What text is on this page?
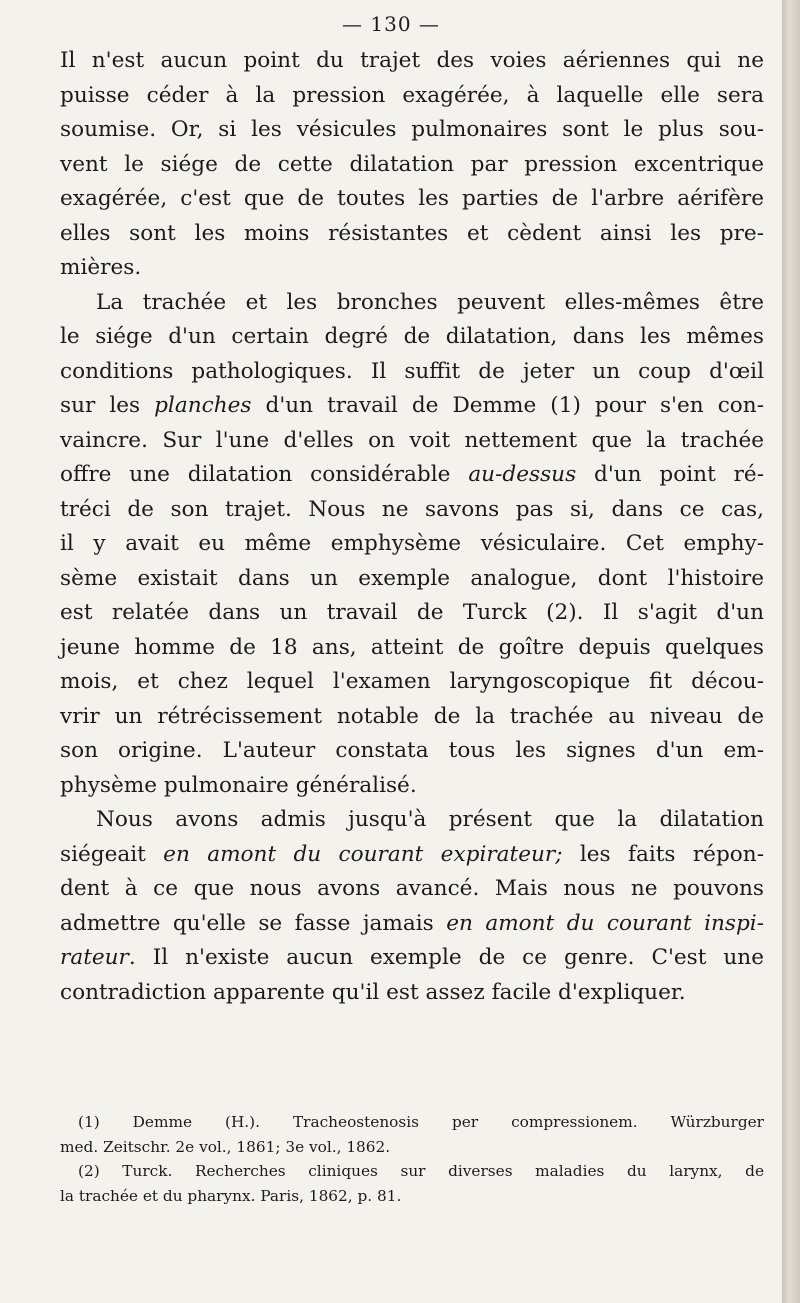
— 130 —
Il n'est aucun point du trajet des voies aériennes qui ne
puisse céder à la pression exagérée, à laquelle elle sera
soumise. Or, si les vésicules pulmonaires sont le plus sou-
vent le siége de cette dilatation par pression excentrique
exagérée, c'est que de toutes les parties de l'arbre aérifère
elles sont les moins résistantes et cèdent ainsi les pre-
mières.
La trachée et les bronches peuvent elles-mêmes être
le siége d'un certain degré de dilatation, dans les mêmes
conditions pathologiques. Il suffit de jeter un coup d'œil
sur les planches d'un travail de Demme (1) pour s'en con-
vaincre. Sur l'une d'elles on voit nettement que la trachée
offre une dilatation considérable au-dessus d'un point ré-
tréci de son trajet. Nous ne savons pas si, dans ce cas,
il y avait eu même emphysème vésiculaire. Cet emphy-
sème existait dans un exemple analogue, dont l'histoire
est relatée dans un travail de Turck (2). Il s'agit d'un
jeune homme de 18 ans, atteint de goître depuis quelques
mois, et chez lequel l'examen laryngoscopique fit décou-
vrir un rétrécissement notable de la trachée au niveau de
son origine. L'auteur constata tous les signes d'un em-
physème pulmonaire généralisé.
Nous avons admis jusqu'à présent que la dilatation
siégeait en amont du courant expirateur; les faits répon-
dent à ce que nous avons avancé. Mais nous ne pouvons
admettre qu'elle se fasse jamais en amont du courant inspi-
rateur. Il n'existe aucun exemple de ce genre. C'est une
contradiction apparente qu'il est assez facile d'expliquer.
(1) Demme (H.). Tracheostenosis per compressionem. Würzburger
med. Zeitschr. 2e vol., 1861; 3e vol., 1862.
(2) Turck. Recherches cliniques sur diverses maladies du larynx, de
la trachée et du pharynx. Paris, 1862, p. 81.
